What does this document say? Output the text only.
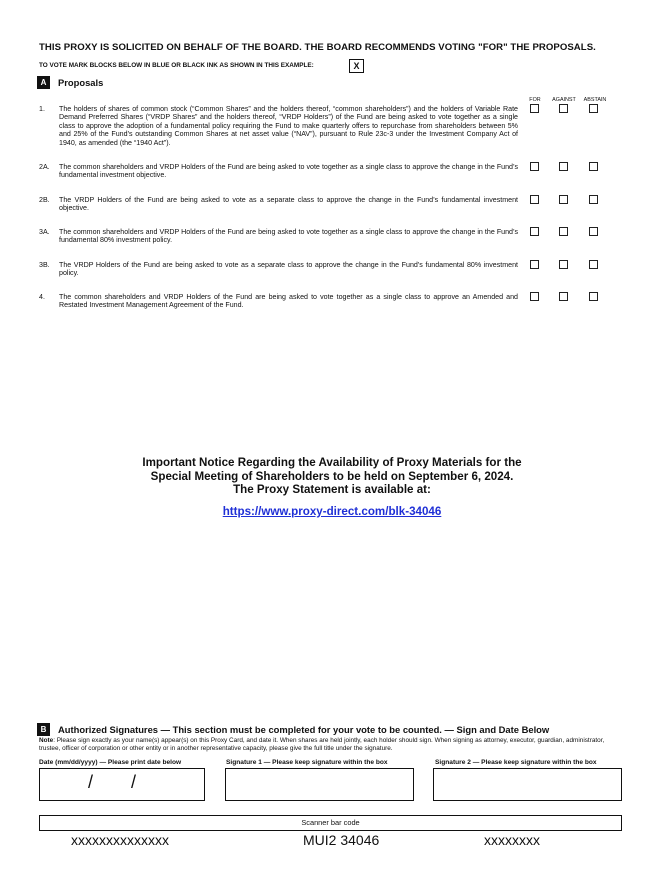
THIS PROXY IS SOLICITED ON BEHALF OF THE BOARD. THE BOARD RECOMMENDS VOTING "FOR" THE PROPOSALS.
TO VOTE MARK BLOCKS BELOW IN BLUE OR BLACK INK AS SHOWN IN THIS EXAMPLE:	X
A	Proposals
FOR	AGAINST	ABSTAIN
1. The holders of shares of common stock (“Common Shares” and the holders thereof, “common shareholders”) and the holders of Variable Rate Demand Preferred Shares (“VRDP Shares” and the holders thereof, “VRDP Holders”) of the Fund are being asked to vote together as a single class to approve the adoption of a fundamental policy requiring the Fund to make quarterly offers to repurchase from shareholders between 5% and 25% of the Fund’s outstanding Common Shares at net asset value (“NAV”), pursuant to Rule 23c-3 under the Investment Company Act of 1940, as amended (the “1940 Act”).
2A. The common shareholders and VRDP Holders of the Fund are being asked to vote together as a single class to approve the change in the Fund’s fundamental investment objective.
2B. The VRDP Holders of the Fund are being asked to vote as a separate class to approve the change in the Fund’s fundamental investment objective.
3A. The common shareholders and VRDP Holders of the Fund are being asked to vote together as a single class to approve the change in the Fund’s fundamental 80% investment policy.
3B. The VRDP Holders of the Fund are being asked to vote as a separate class to approve the change in the Fund’s fundamental 80% investment policy.
4. The common shareholders and VRDP Holders of the Fund are being asked to vote together as a single class to approve an Amended and Restated Investment Management Agreement of the Fund.
Important Notice Regarding the Availability of Proxy Materials for the
Special Meeting of Shareholders to be held on September 6, 2024.
The Proxy Statement is available at:
https://www.proxy-direct.com/blk-34046
B	Authorized Signatures — This section must be completed for your vote to be counted. — Sign and Date Below
Note: Please sign exactly as your name(s) appear(s) on this Proxy Card, and date it. When shares are held jointly, each holder should sign. When signing as attorney, executor, guardian, administrator, trustee, officer of corporation or other entity or in another representative capacity, please give the full title under the signature.
Date (mm/dd/yyyy) — Please print date below	Signature 1 — Please keep signature within the box	Signature 2 — Please keep signature within the box
/ /
Scanner bar code
xxxxxxxxxxxxxx	MUI2 34046	xxxxxxxx
